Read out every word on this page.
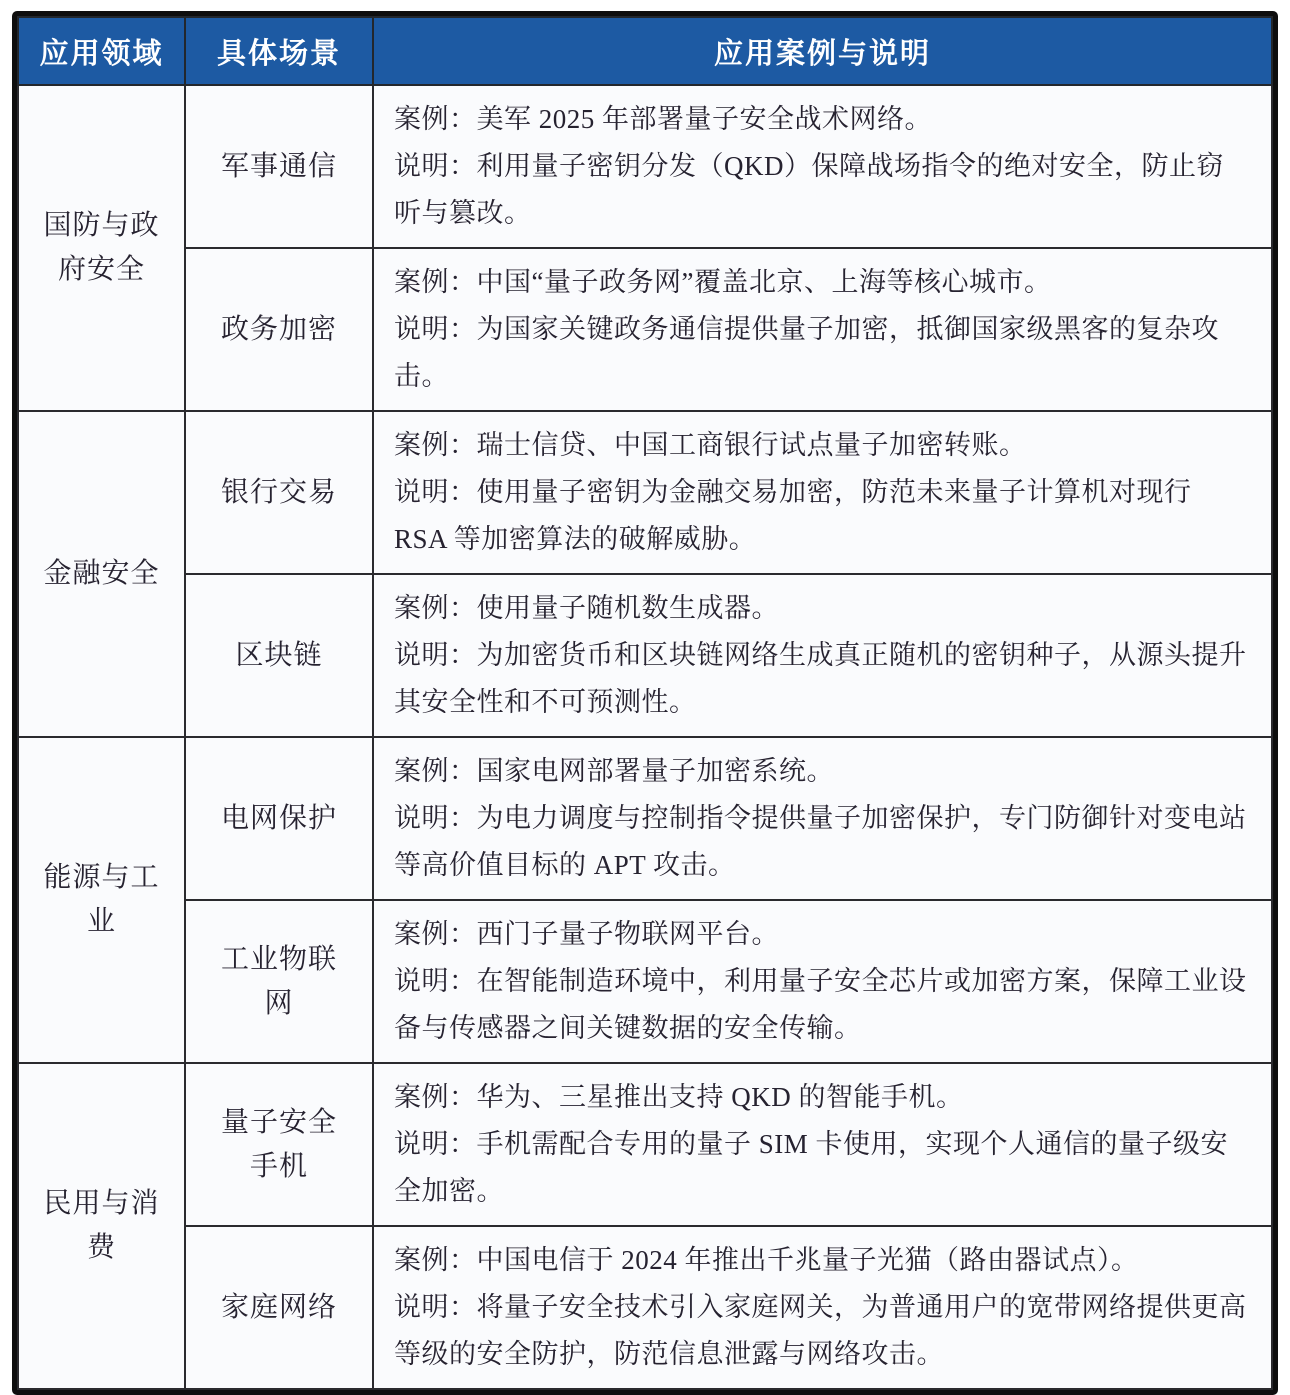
应用领域	具体场景	应用案例与说明
国防与政府安全	军事通信	案例：美军 2025 年部署量子安全战术网络。

说明：利用量子密钥分发（QKD）保障战场指令的绝对安全，防止窃听与篡改。

	政务加密	案例：中国“量子政务网”覆盖北京、上海等核心城市。

说明：为国家关键政务通信提供量子加密，抵御国家级黑客的复杂攻击。

金融安全	银行交易	案例：瑞士信贷、中国工商银行试点量子加密转账。

说明：使用量子密钥为金融交易加密，防范未来量子计算机对现行 RSA 等加密算法的破解威胁。

	区块链	案例：使用量子随机数生成器。

说明：为加密货币和区块链网络生成真正随机的密钥种子，从源头提升其安全性和不可预测性。

能源与工业	电网保护	案例：国家电网部署量子加密系统。

说明：为电力调度与控制指令提供量子加密保护，专门防御针对变电站等高价值目标的 APT 攻击。

	工业物联网	案例：西门子量子物联网平台。

说明：在智能制造环境中，利用量子安全芯片或加密方案，保障工业设备与传感器之间关键数据的安全传输。

民用与消费	量子安全手机	案例：华为、三星推出支持 QKD 的智能手机。

说明：手机需配合专用的量子 SIM 卡使用，实现个人通信的量子级安全加密。

	家庭网络	案例：中国电信于 2024 年推出千兆量子光猫（路由器试点）。

说明：将量子安全技术引入家庭网关，为普通用户的宽带网络提供更高等级的安全防护，防范信息泄露与网络攻击。
